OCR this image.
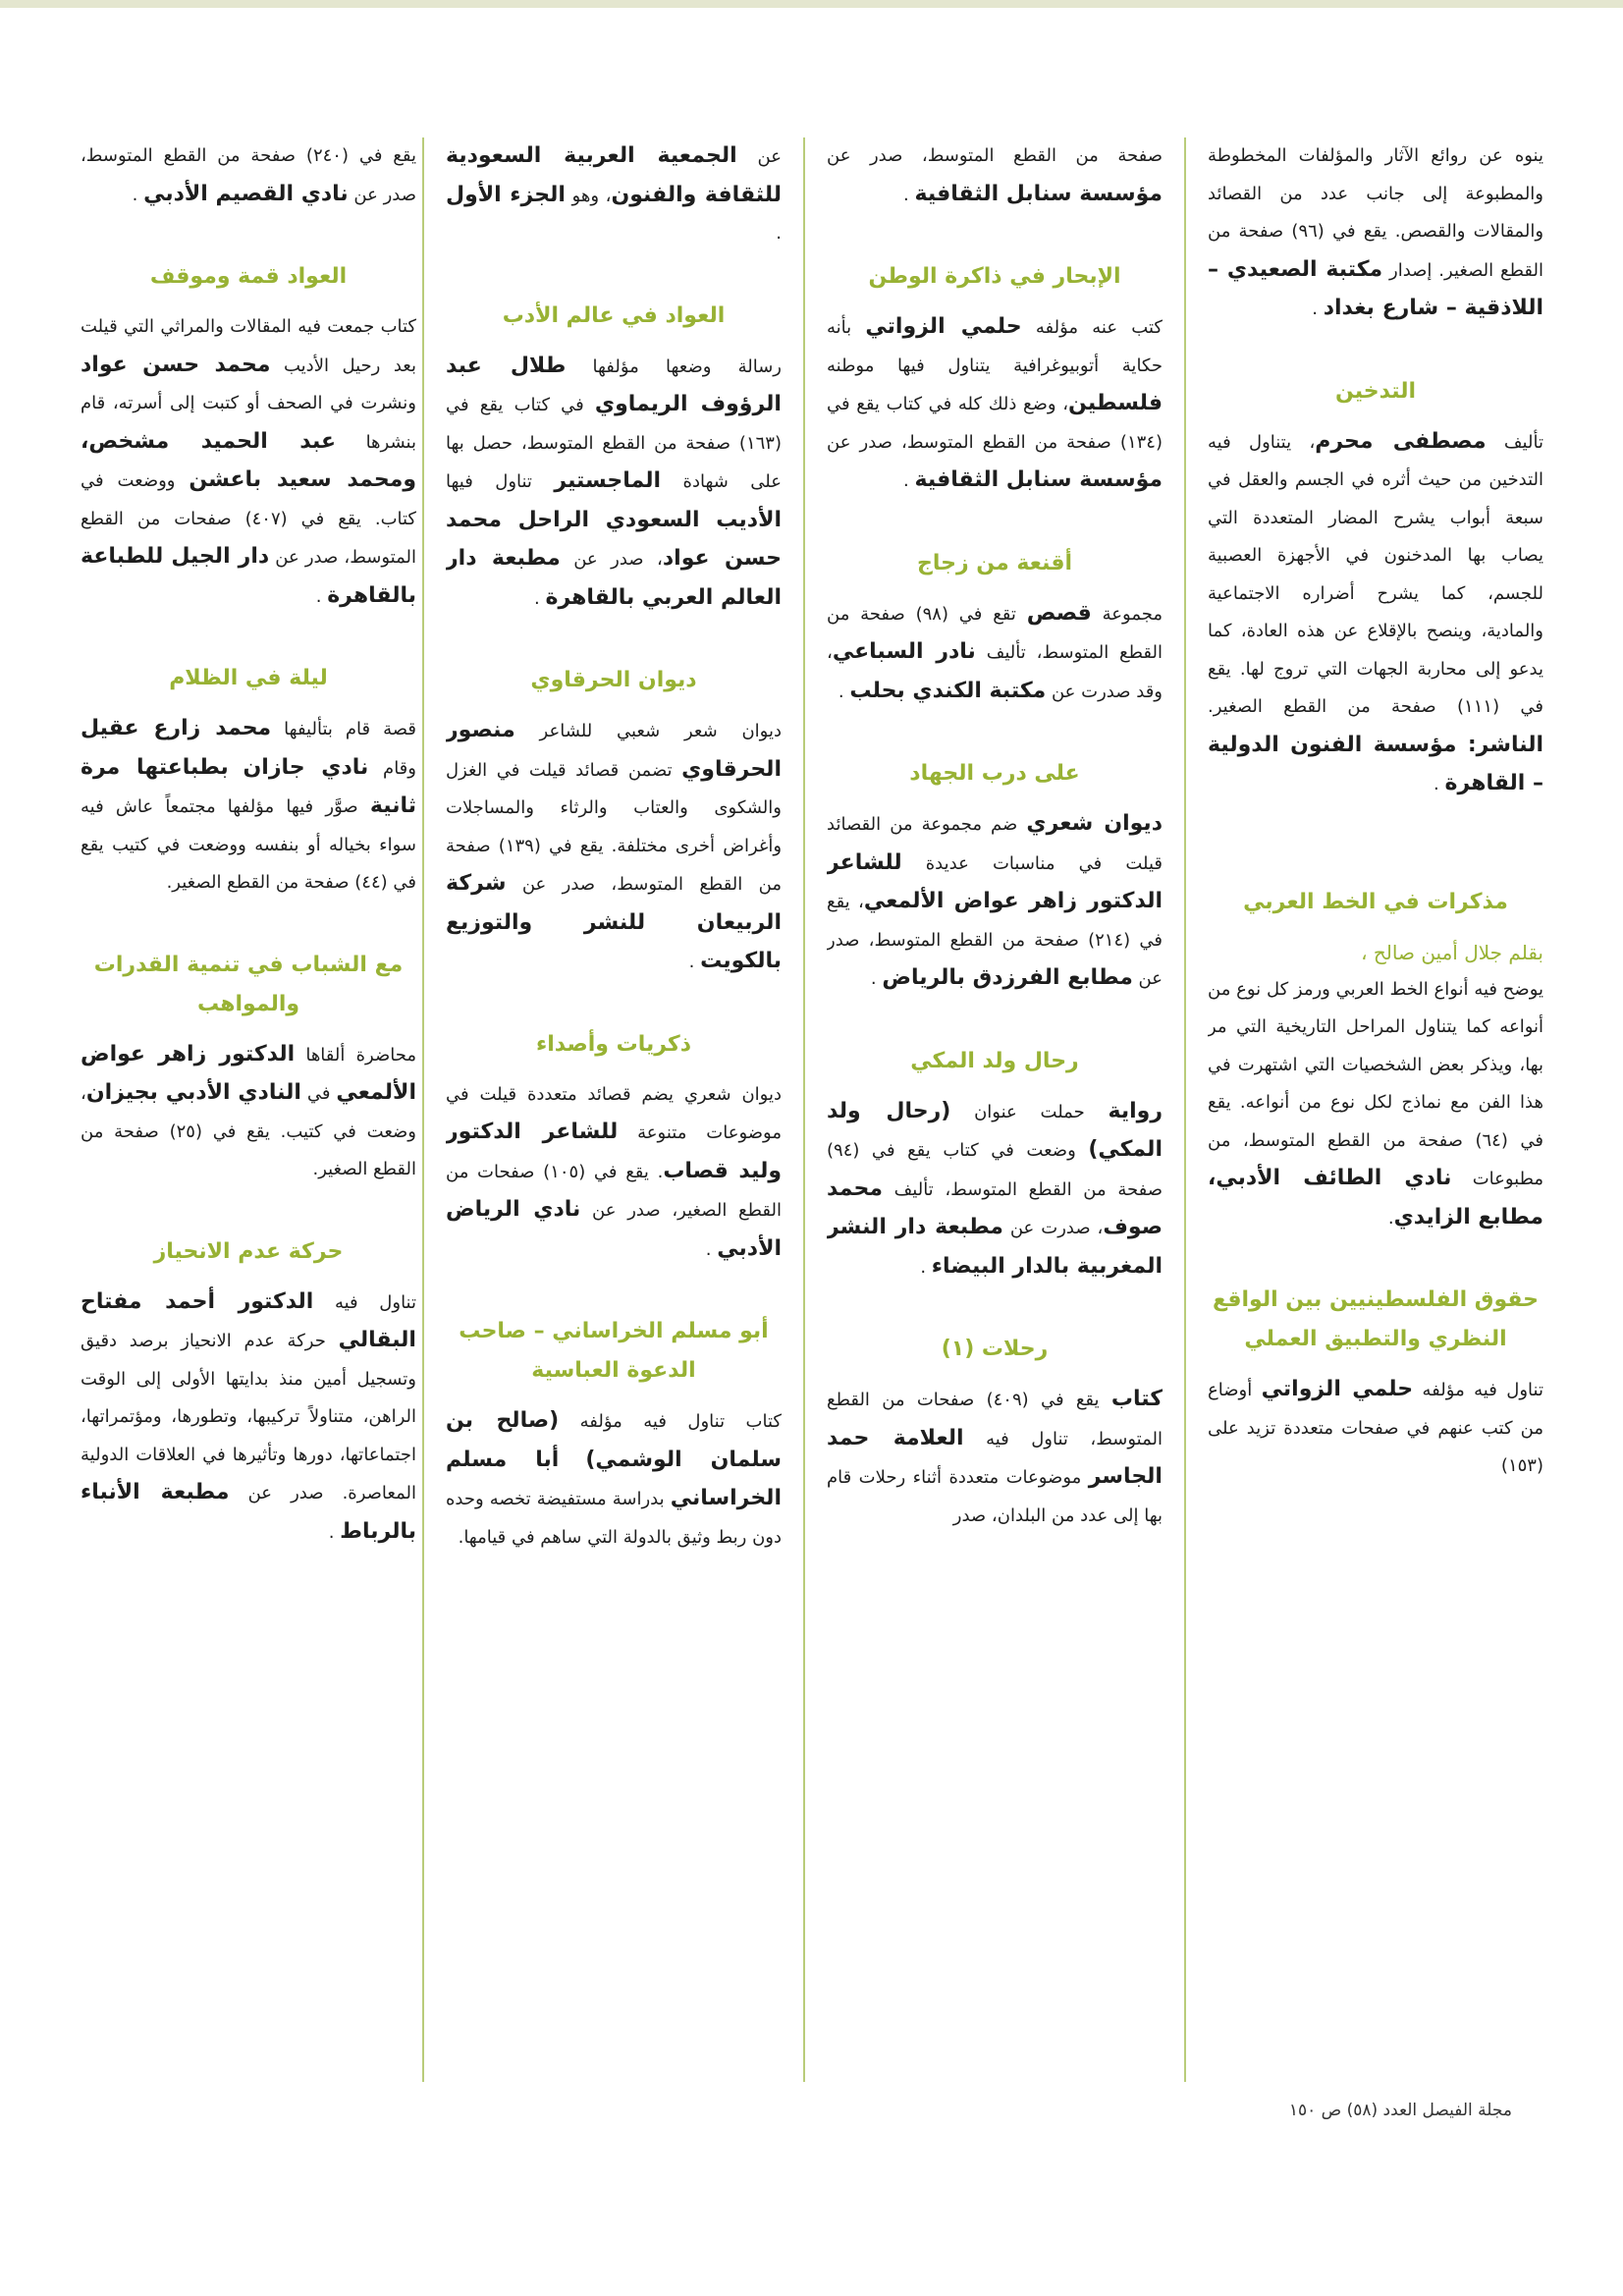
ينوه عن روائع الآثار والمؤلفات المخطوطة والمطبوعة إلى جانب عدد من القصائد والمقالات والقصص. يقع في (٩٦) صفحة من القطع الصغير. إصدار مكتبة الصعيدي – اللاذقية – شارع بغداد .

التدخين

تأليف مصطفى محرم، يتناول فيه التدخين من حيث أثره في الجسم والعقل في سبعة أبواب يشرح المضار المتعددة التي يصاب بها المدخنون في الأجهزة العصبية للجسم، كما يشرح أضراره الاجتماعية والمادية، وينصح بالإقلاع عن هذه العادة، كما يدعو إلى محاربة الجهات التي تروج لها. يقع في (١١١) صفحة من القطع الصغير. الناشر: مؤسسة الفنون الدولية – القاهرة .

مذكرات في الخط العربي

بقلم جلال أمين صالح ،

يوضح فيه أنواع الخط العربي ورمز كل نوع من أنواعه كما يتناول المراحل التاريخية التي مر بها، ويذكر بعض الشخصيات التي اشتهرت في هذا الفن مع نماذج لكل نوع من أنواعه. يقع في (٦٤) صفحة من القطع المتوسط، من مطبوعات نادي الطائف الأدبي، مطابع الزايدي.

حقوق الفلسطينيين بين الواقع النظري والتطبيق العملي

تناول فيه مؤلفه حلمي الزواتي أوضاع من كتب عنهم في صفحات متعددة تزيد على (١٥٣)

صفحة من القطع المتوسط، صدر عن مؤسسة سنابل الثقافية .

الإبحار في ذاكرة الوطن

كتب عنه مؤلفه حلمي الزواتي بأنه حكاية أتوبيوغرافية يتناول فيها موطنه فلسطين، وضع ذلك كله في كتاب يقع في (١٣٤) صفحة من القطع المتوسط، صدر عن مؤسسة سنابل الثقافية .

أقنعة من زجاج

مجموعة قصص تقع في (٩٨) صفحة من القطع المتوسط، تأليف نادر السباعي، وقد صدرت عن مكتبة الكندي بحلب .

على درب الجهاد

ديوان شعري ضم مجموعة من القصائد قيلت في مناسبات عديدة للشاعر الدكتور زاهر عواض الألمعي، يقع في (٢١٤) صفحة من القطع المتوسط، صدر عن مطابع الفرزدق بالرياض .

رحال ولد المكي

رواية حملت عنوان (رحال ولد المكي) وضعت في كتاب يقع في (٩٤) صفحة من القطع المتوسط، تأليف محمد صوف، صدرت عن مطبعة دار النشر المغربية بالدار البيضاء .

رحلات (١)

كتاب يقع في (٤٠٩) صفحات من القطع المتوسط، تناول فيه العلامة حمد الجاسر موضوعات متعددة أثناء رحلات قام بها إلى عدد من البلدان، صدر

عن الجمعية العربية السعودية للثقافة والفنون، وهو الجزء الأول .

العواد في عالم الأدب

رسالة وضعها مؤلفها طلال عبد الرؤوف الريماوي في كتاب يقع في (١٦٣) صفحة من القطع المتوسط، حصل بها على شهادة الماجستير تناول فيها الأديب السعودي الراحل محمد حسن عواد، صدر عن مطبعة دار العالم العربي بالقاهرة .

ديوان الحرقاوي

ديوان شعر شعبي للشاعر منصور الحرقاوي تضمن قصائد قيلت في الغزل والشكوى والعتاب والرثاء والمساجلات وأغراض أخرى مختلفة. يقع في (١٣٩) صفحة من القطع المتوسط، صدر عن شركة الربيعان للنشر والتوزيع بالكويت .

ذكريات وأصداء

ديوان شعري يضم قصائد متعددة قيلت في موضوعات متنوعة للشاعر الدكتور وليد قصاب. يقع في (١٠٥) صفحات من القطع الصغير، صدر عن نادي الرياض الأدبي .

أبو مسلم الخراساني – صاحب الدعوة العباسية

كتاب تناول فيه مؤلفه (صالح بن سلمان الوشمي) أبا مسلم الخراساني بدراسة مستفيضة تخصه وحده دون ربط وثيق بالدولة التي ساهم في قيامها.

يقع في (٢٤٠) صفحة من القطع المتوسط، صدر عن نادي القصيم الأدبي .

العواد قمة وموقف

كتاب جمعت فيه المقالات والمراثي التي قيلت بعد رحيل الأديب محمد حسن عواد ونشرت في الصحف أو كتبت إلى أسرته، قام بنشرها عبد الحميد مشخص، ومحمد سعيد باعشن ووضعت في كتاب. يقع في (٤٠٧) صفحات من القطع المتوسط، صدر عن دار الجيل للطباعة بالقاهرة .

ليلة في الظلام

قصة قام بتأليفها محمد زارع عقيل وقام نادي جازان بطباعتها مرة ثانية صوَّر فيها مؤلفها مجتمعاً عاش فيه سواء بخياله أو بنفسه ووضعت في كتيب يقع في (٤٤) صفحة من القطع الصغير.

مع الشباب في تنمية القدرات والمواهب

محاضرة ألقاها الدكتور زاهر عواض الألمعي في النادي الأدبي بجيزان، وضعت في كتيب. يقع في (٢٥) صفحة من القطع الصغير.

حركة عدم الانحياز

تناول فيه الدكتور أحمد مفتاح البقالي حركة عدم الانحياز برصد دقيق وتسجيل أمين منذ بدايتها الأولى إلى الوقت الراهن، متناولاً تركيبها، وتطورها، ومؤتمراتها، اجتماعاتها، دورها وتأثيرها في العلاقات الدولية المعاصرة. صدر عن مطبعة الأنباء بالرباط .

مجلة الفيصل العدد (٥٨) ص ١٥٠
